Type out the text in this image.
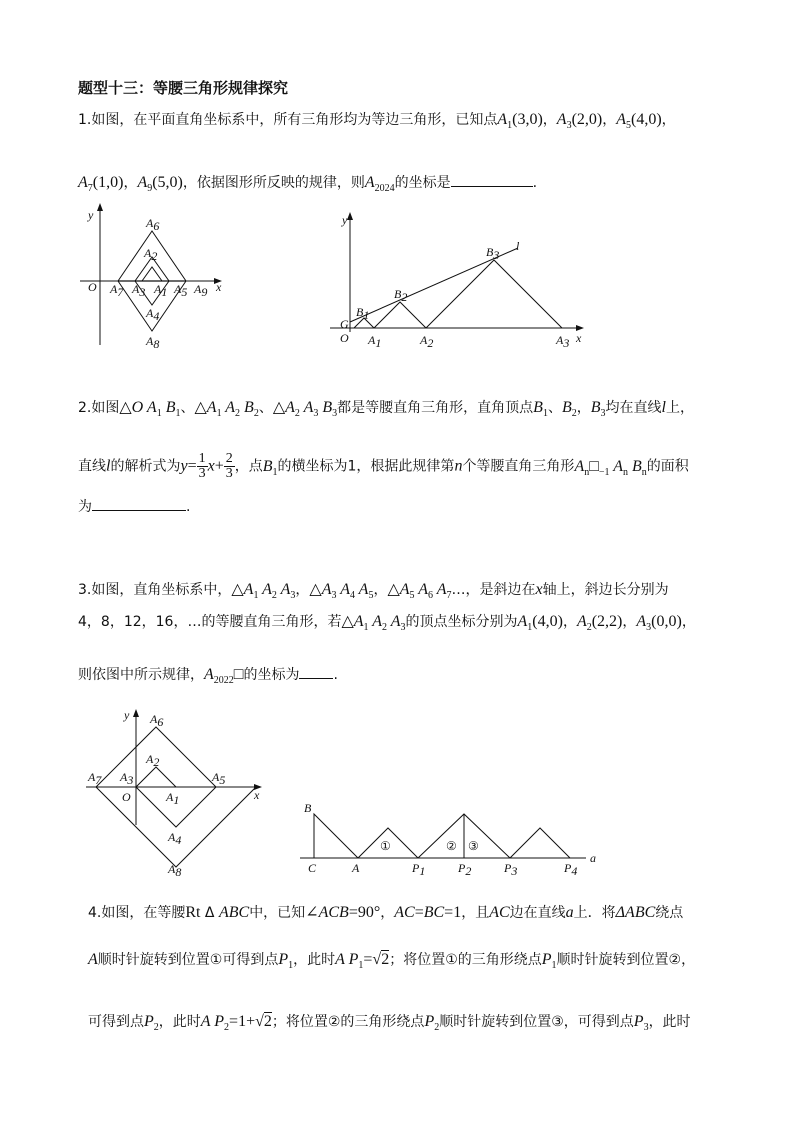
题型十三：等腰三角形规律探究
1.如图，在平面直角坐标系中，所有三角形均为等边三角形，已知点$A_1(3,0)$，$A_3(2,0)$，$A_5(4,0)$，
$A_7(1,0)$，$A_9(5,0)$，依据图形所反映的规律，则$A_{2024}$的坐标是	.
O
y
x
A6
A2
A7 A3 A1 A5 A9
A4
A8
G
O
y
x
l
B1
B2
B3
A1	A2	A3
2.如图△O $A_1$ $B_1$、$\triangle A_1$ $A_2$ $B_2$、$\triangle A_2$ $A_3$ $B_3$都是等腰直角三角形，直角顶点$B_1$、$B_2$，$B_3$均在直线l上，
直线l的解析式为$y= \frac{1}{3} x+ \frac{2}{3}$ ，点$B_1$的横坐标为1，根据此规律第n个等腰直角三角形$A_n□_{-1}$ $A_n$ $B_n$的面积
为	.
3.如图，直角坐标系中，$\triangle A_1$ $A_2$ $A_3$，$\triangle A_3$ $A_4$ $A_5$，$\triangle A_5$ $A_6$ $A_7\dots$，是斜边在x轴上，斜边长分别为
4，8，12，16，…的等腰直角三角形，若$\triangle A_1$ $A_2$ $A_3$的顶点坐标分别为$A_1(4,0)$，$A_2(2,2)$，$A_3(0,0)$，
则依图中所示规律，$A_{2022}□$的坐标为 .
y
O	x
A6
A2
A7 A3
A1
A5
A4
A8
B
C	A
a
P1	P2	P3	P4
①	② ③
4.如图，在等腰Rt Δ ABC中，已知∠ACB=90°，AC=BC=1，且AC边在直线a上．将ΔABC绕点
A顺时针旋转到位置①可得到点$P_1$，此时A $P_1=√2$；将位置①的三角形绕点$P_1$顺时针旋转到位置②，
可得到点$P_2$，此时A $P_2=1+√2$；将位置②的三角形绕点$P_2$顺时针旋转到位置③，可得到点$P_3$，此时
